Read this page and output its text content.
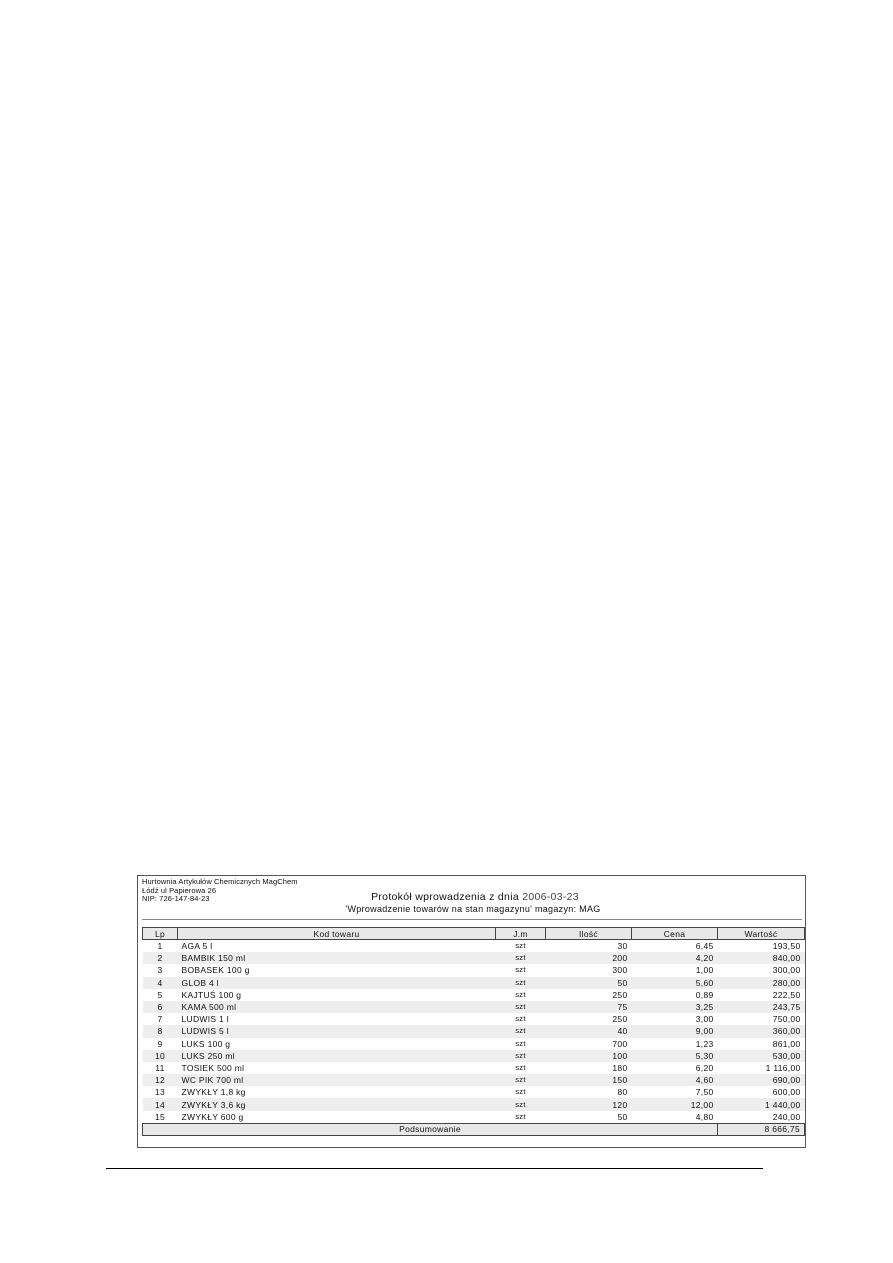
Hurtownia Artykułów Chemicznych MagChem
Łódź ul Papierowa 26
NIP: 726-147-84-23	Protokół wprowadzenia z dnia 2006-03-23
'Wprowadzenie towarów na stan magazynu' magazyn: MAG
Lp	Kod towaru	J.m	Ilość	Cena	Wartość
1	AGA 5 l	szt	30	6,45	193,50
2	BAMBIK 150 ml	szt	200	4,20	840,00
3	BOBASEK 100 g	szt	300	1,00	300,00
4	GLOB 4 l	szt	50	5,60	280,00
5	KAJTUŚ 100 g	szt	250	0,89	222,50
6	KAMA 500 ml	szt	75	3,25	243,75
7	LUDWIS 1 l	szt	250	3,00	750,00
8	LUDWIS 5 l	szt	40	9,00	360,00
9	LUKS 100 g	szt	700	1,23	861,00
10	LUKS 250 ml	szt	100	5,30	530,00
11	TOSIEK 500 ml	szt	180	6,20	1 116,00
12	WC PIK 700 ml	szt	150	4,60	690,00
13	ZWYKŁY 1,8 kg	szt	80	7,50	600,00
14	ZWYKŁY 3,6 kg	szt	120	12,00	1 440,00
15	ZWYKŁY 600 g	szt	50	4,80	240,00
Podsumowanie					8 666,75
